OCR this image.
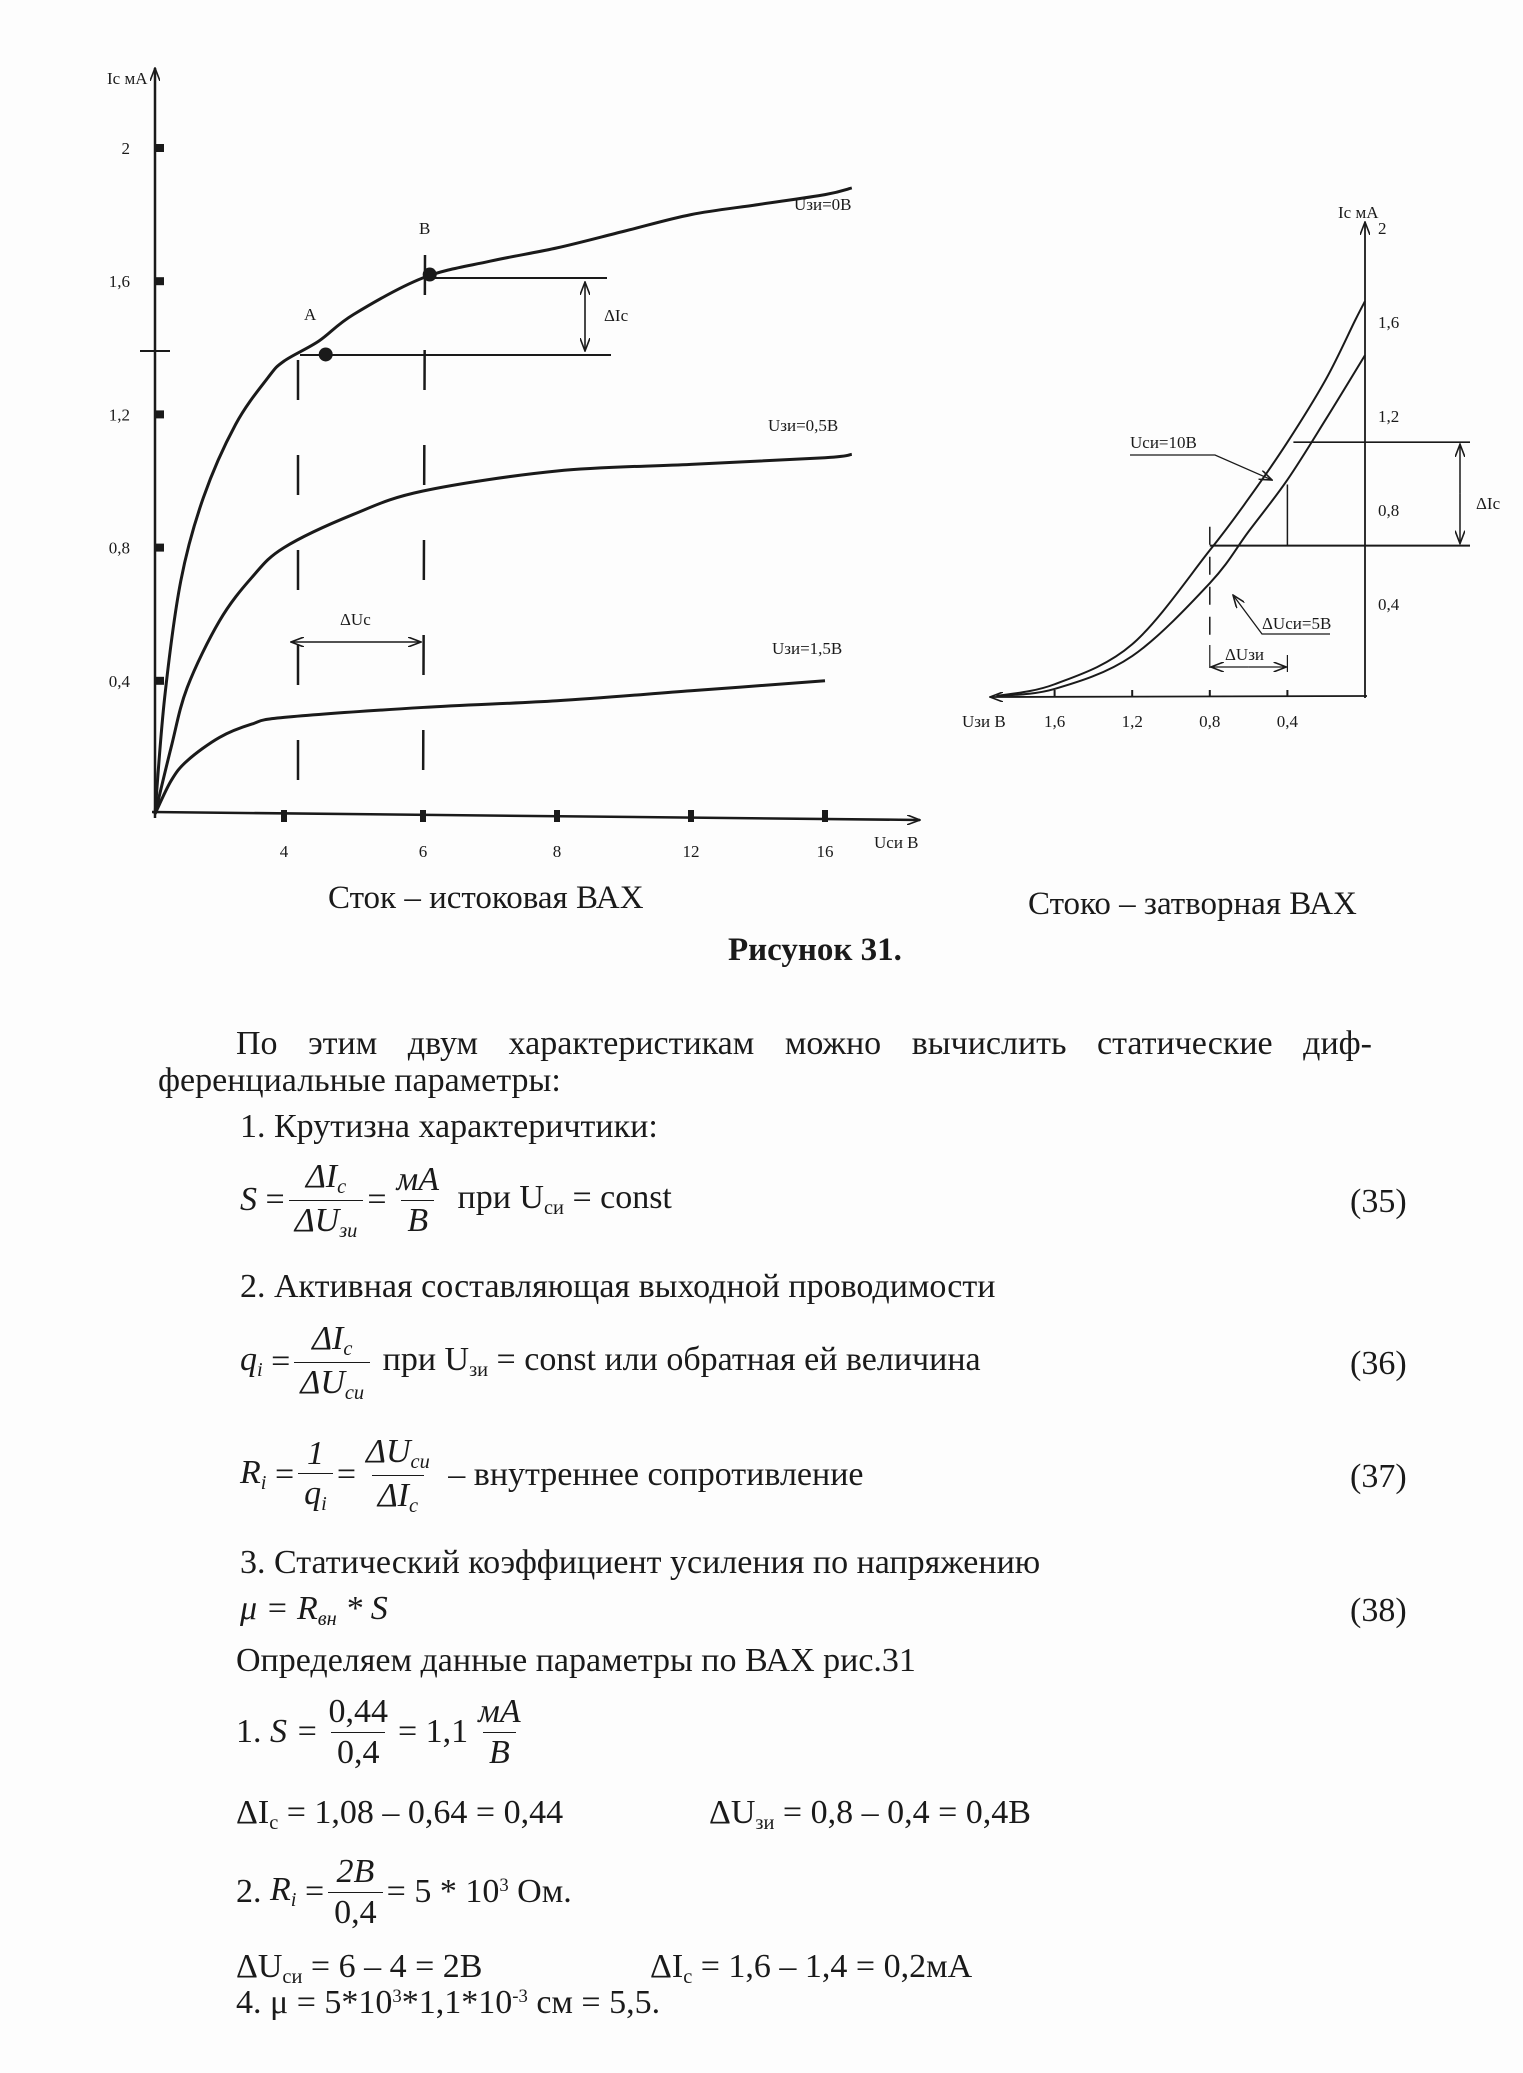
Ic мА
Uси В
0,4
0,8
1,2
1,6
2
4	6	8	12	16
Uзи=0В
Uзи=0,5В
Uзи=1,5В
A
B
ΔIc
ΔUc
Ic мА
Uзи В
0,4
0,8
1,2
1,6
2
1,6	1,2	0,8	0,4
ΔIc
ΔUзи
Uси=10В
ΔUси=5В
Сток – истоковая ВАХ	Стоко – затворная ВАХ
Рисунок 31.
По этим двум характеристикам можно вычислить статические диф-
ференциальные параметры:
1. Крутизна характеричтики:
$S = \frac{\Delta I_c}{\Delta U_{зи}} = \frac{мA}{B}$ при $U_{си}$ = const	(35)
2. Активная составляющая выходной проводимости
$q_i = \frac{\Delta I_c}{\Delta U_{си}}$ при $U_{зи}$ = const или обратная ей величина	(36)
$R_i = \frac{1}{q_i} = \frac{\Delta U_{си}}{\Delta I_c}$ – внутреннее сопротивление	(37)
3. Статический коэффициент усиления по напряжению
$\mu = R_{вн} * S$	(38)
Определяем данные параметры по ВАХ рис.31
1.
$S = \frac{0,44}{0,4} = 1,1 \frac{мA}{B}$
$\Delta I_c = 1,08 - 0,64 = 0,44$	$\Delta U_{зи} = 0,8 - 0,4 = 0,4В$
2.
$R_i = \frac{2B}{0,4} = 5 * 10^3$ Ом.
$\Delta U_{си} = 6 - 4 = 2В$	$\Delta I_c = 1,6 - 1,4 = 0,2мА$
4. $\mu = 5*10^3*1,1*10^{-3}$ см = 5,5.
